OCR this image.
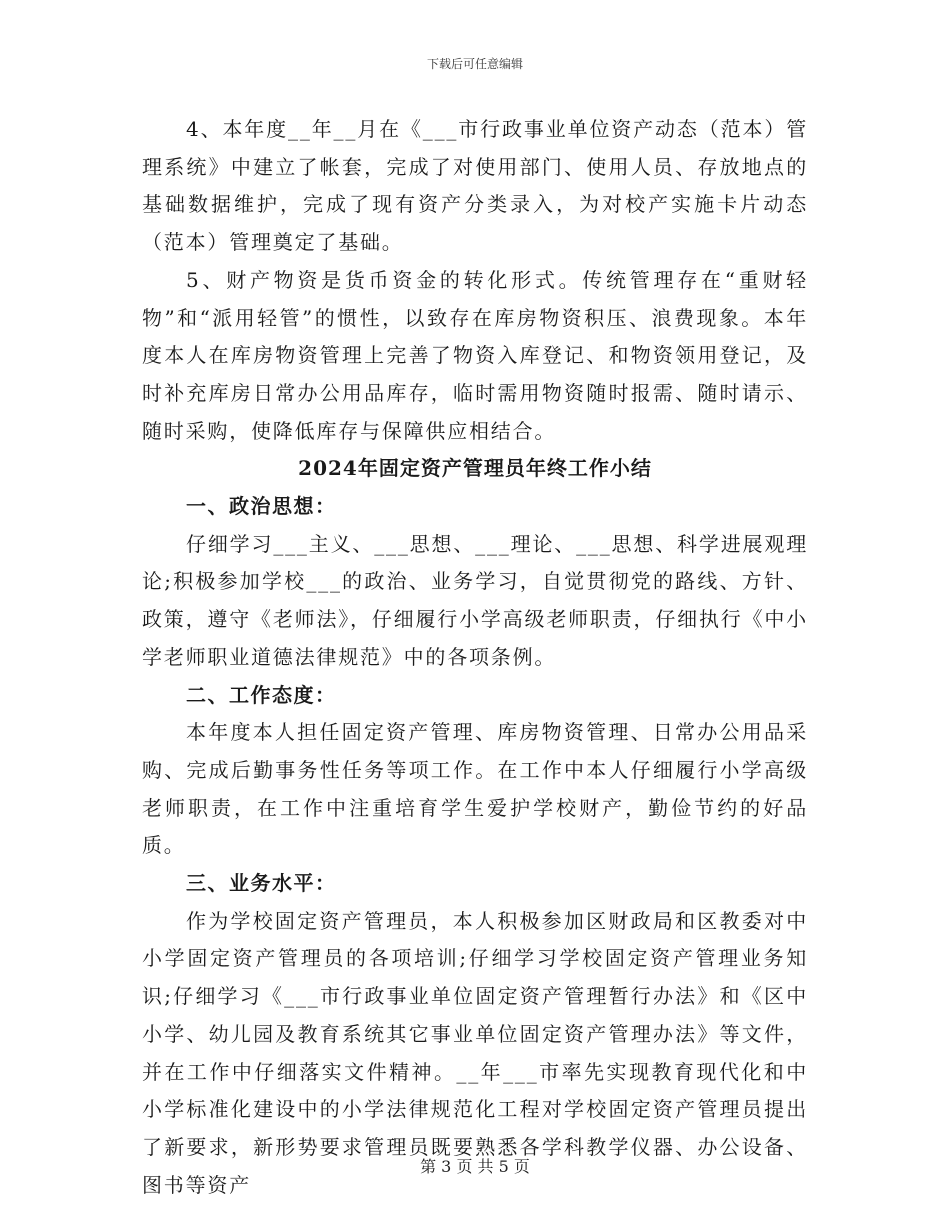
下载后可任意编辑

4、本年度__年__月在《___市行政事业单位资产动态（范本）管理系统》中建立了帐套，完成了对使用部门、使用人员、存放地点的基础数据维护，完成了现有资产分类录入，为对校产实施卡片动态（范本）管理奠定了基础。

5、财产物资是货币资金的转化形式。传统管理存在“重财轻物”和“派用轻管”的惯性，以致存在库房物资积压、浪费现象。本年度本人在库房物资管理上完善了物资入库登记、和物资领用登记，及时补充库房日常办公用品库存，临时需用物资随时报需、随时请示、随时采购，使降低库存与保障供应相结合。

2024年固定资产管理员年终工作小结

一、政治思想：

仔细学习___主义、___思想、___理论、___思想、科学进展观理论;积极参加学校___的政治、业务学习，自觉贯彻党的路线、方针、政策，遵守《老师法》，仔细履行小学高级老师职责，仔细执行《中小学老师职业道德法律规范》中的各项条例。

二、工作态度：

本年度本人担任固定资产管理、库房物资管理、日常办公用品采购、完成后勤事务性任务等项工作。在工作中本人仔细履行小学高级老师职责，在工作中注重培育学生爱护学校财产，勤俭节约的好品质。

三、业务水平：

作为学校固定资产管理员，本人积极参加区财政局和区教委对中小学固定资产管理员的各项培训;仔细学习学校固定资产管理业务知识;仔细学习《___市行政事业单位固定资产管理暂行办法》和《区中小学、幼儿园及教育系统其它事业单位固定资产管理办法》等文件，并在工作中仔细落实文件精神。__年___市率先实现教育现代化和中小学标准化建设中的小学法律规范化工程对学校固定资产管理员提出了新要求，新形势要求管理员既要熟悉各学科教学仪器、办公设备、图书等资产

第 3 页 共 5 页
